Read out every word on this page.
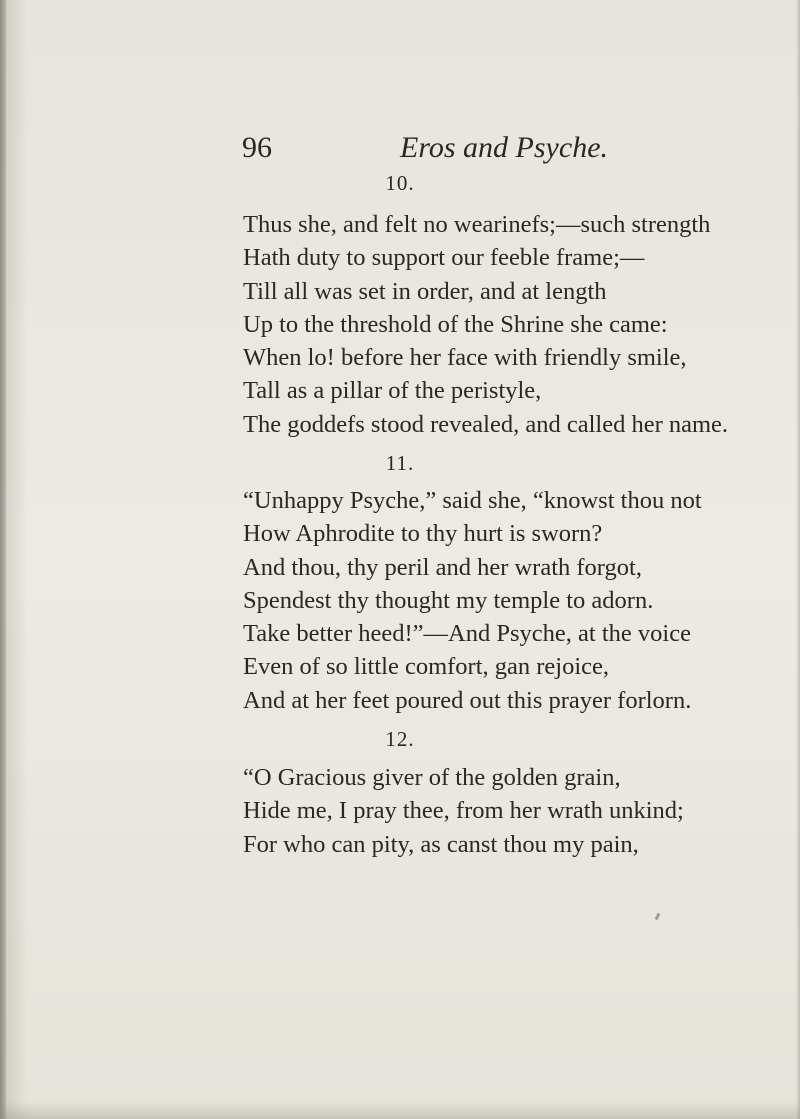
96	Eros and Psyche.
10.
Thus she, and felt no wearinefs;—such strength
Hath duty to support our feeble frame;—
Till all was set in order, and at length
Up to the threshold of the Shrine she came:
When lo! before her face with friendly smile,
Tall as a pillar of the peristyle,
The goddefs stood revealed, and called her name.
11.
“Unhappy Psyche,” said she, “knowst thou not
How Aphrodite to thy hurt is sworn?
And thou, thy peril and her wrath forgot,
Spendest thy thought my temple to adorn.
Take better heed!”—And Psyche, at the voice
Even of so little comfort, gan rejoice,
And at her feet poured out this prayer forlorn.
12.
“O Gracious giver of the golden grain,
Hide me, I pray thee, from her wrath unkind;
For who can pity, as canst thou my pain,
